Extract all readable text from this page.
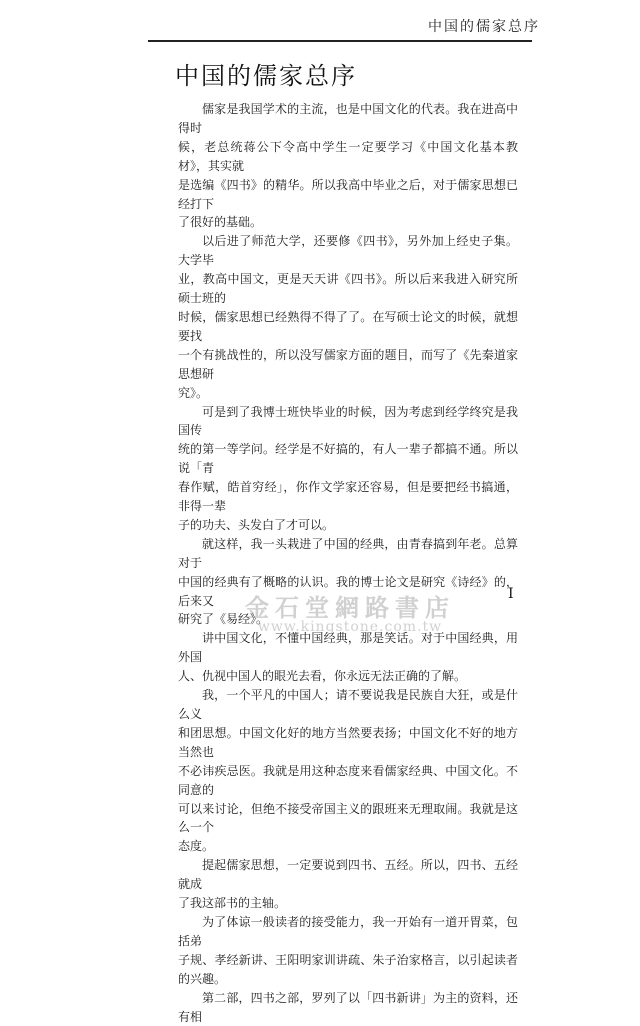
中国的儒家总序
中国的儒家总序

儒家是我国学术的主流，也是中国文化的代表。我在进高中得时
候，老总统蒋公下令高中学生一定要学习《中国文化基本教材》，其实就
是选编《四书》的精华。所以我高中毕业之后，对于儒家思想已经打下
了很好的基础。

以后进了师范大学，还要修《四书》，另外加上经史子集。大学毕
业，教高中国文，更是天天讲《四书》。所以后来我进入研究所硕士班的
时候，儒家思想已经熟得不得了了。在写硕士论文的时候，就想要找
一个有挑战性的，所以没写儒家方面的题目，而写了《先秦道家思想研
究》。

可是到了我博士班快毕业的时候，因为考虑到经学终究是我国传
统的第一等学问。经学是不好搞的，有人一辈子都搞不通。所以说「青
春作赋，皓首穷经」，你作文学家还容易，但是要把经书搞通，非得一辈
子的功夫、头发白了才可以。

就这样，我一头栽进了中国的经典，由青春搞到年老。总算对于
中国的经典有了概略的认识。我的博士论文是研究《诗经》的，后来又
研究了《易经》。

讲中国文化，不懂中国经典，那是笑话。对于中国经典，用外国
人、仇视中国人的眼光去看，你永远无法正确的了解。

我，一个平凡的中国人；请不要说我是民族自大狂，或是什么义
和团思想。中国文化好的地方当然要表扬；中国文化不好的地方当然也
不必讳疾忌医。我就是用这种态度来看儒家经典、中国文化。不同意的
可以来讨论，但绝不接受帝国主义的跟班来无理取闹。我就是这么一个
态度。

提起儒家思想，一定要说到四书、五经。所以，四书、五经就成
了我这部书的主轴。

为了体谅一般读者的接受能力，我一开始有一道开胃菜，包括弟
子规、孝经新讲、王阳明家训讲疏、朱子治家格言，以引起读者的兴趣。

第二部，四书之部，罗列了以「四书新讲」为主的资料，还有相

I
金石堂網路書店
www.kingstone.com.tw
